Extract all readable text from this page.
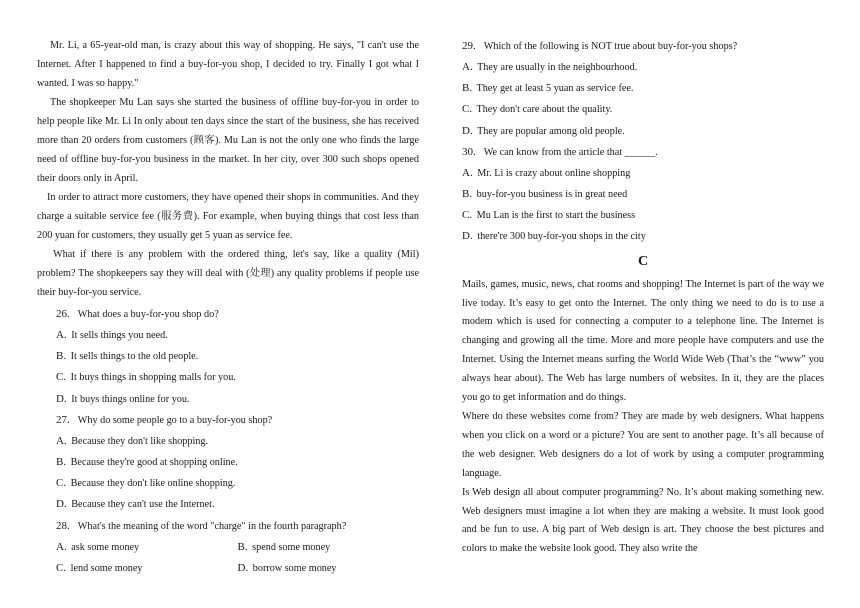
Mr. Li, a 65-year-old man, is crazy about this way of shopping. He says, "I can't use the Internet. After I happened to find a buy-for-you shop, I decided to try. Finally I got what I wanted. I was so happy."

The shopkeeper Mu Lan says she started the business of offline buy-for-you in order to help people like Mr. Li In only about ten days since the start of the business, she has received more than 20 orders from customers (顾客). Mu Lan is not the only one who finds the large need of offline buy-for-you business in the market. In her city, over 300 such shops opened their doors only in April.

In order to attract more customers, they have opened their shops in communities. And they charge a suitable service fee (服务费). For example, when buying things that cost less than 200 yuan for customers, they usually get 5 yuan as service fee.

What if there is any problem with the ordered thing, let's say, like a quality (Mil) problem? The shopkeepers say they will deal with (处理) any quality problems if people use their buy-for-you service.

26. What does a buy-for-you shop do?

A. It sells things you need.

B. It sells things to the old people.

C. It buys things in shopping malls for you.

D. It buys things online for you.

27. Why do some people go to a buy-for-you shop?

A. Because they don't like shopping.

B. Because they're good at shopping online.

C. Because they don't like online shopping.

D. Because they can't use the Internet.

28. What's the meaning of the word "charge" in the fourth paragraph?

A. ask some money	B. spend some money

C. lend some money	D. borrow some money

29. Which of the following is NOT true about buy-for-you shops?

A. They are usually in the neighbourhood.

B. They get at least 5 yuan as service fee.

C. They don't care about the quality.

D. They are popular among old people.

30. We can know from the article that ______.

A. Mr. Li is crazy about online shopping

B. buy-for-you business is in great need

C. Mu Lan is the first to start the business

D. there're 300 buy-for-you shops in the city

C

Mails, games, music, news, chat rooms and shopping! The Internet is part of the way we live today. It’s easy to get onto the Internet. The only thing we need to do is to use a modem which is used for connecting a computer to a telephone line. The Internet is changing and growing all the time. More and more people have computers and use the Internet. Using the Internet means surfing the World Wide Web (That’s the “www” you always hear about). The Web has large numbers of websites. In it, they are the places you go to get information and do things.

Where do these websites come from? They are made by web designers. What happens when you click on a word or a picture? You are sent to another page. It’s all because of the web designer. Web designers do a lot of work by using a computer programming language.

Is Web design all about computer programming? No. It’s about making something new. Web designers must imagine a lot when they are making a website. It must look good and be fun to use. A big part of Web design is art. They choose the best pictures and colors to make the website look good. They also write the
